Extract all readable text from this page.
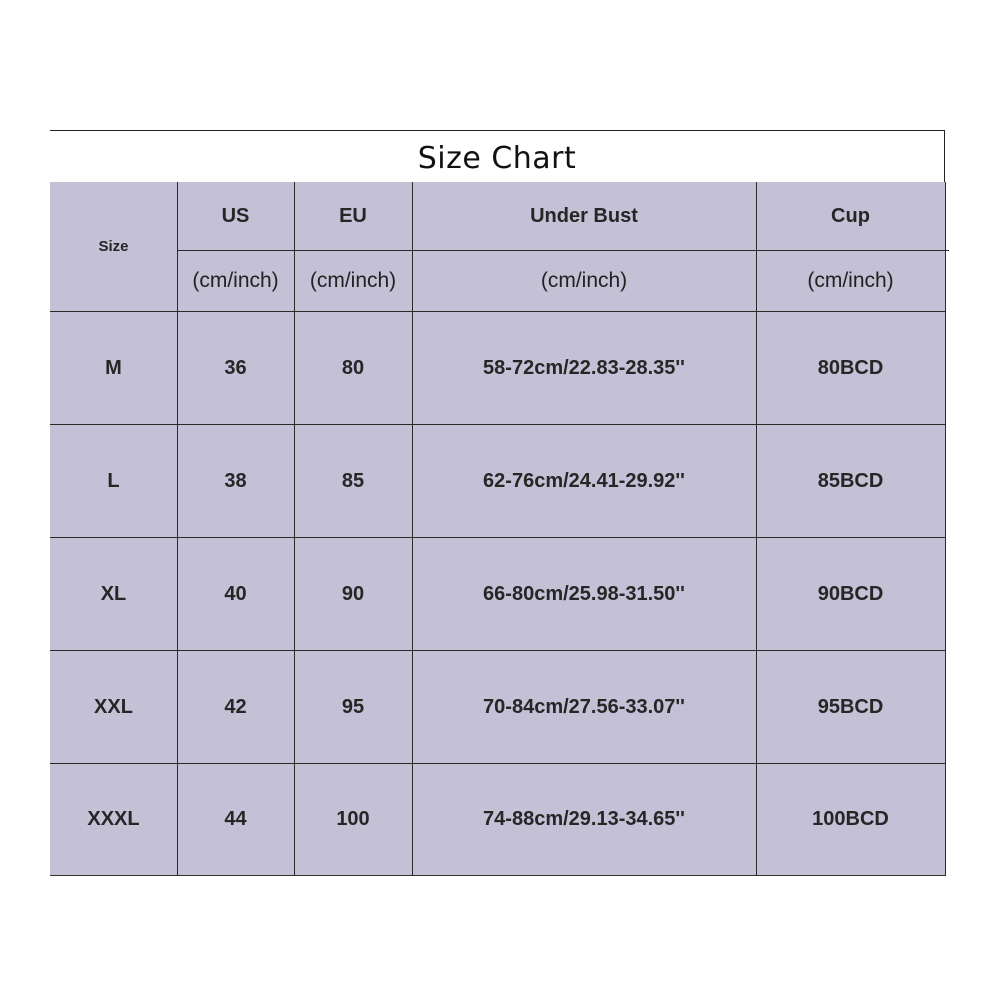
Size Chart
Size
US	EU	Under Bust	Cup
(cm/inch)	(cm/inch)	(cm/inch)	(cm/inch)
M	36	80	58-72cm/22.83-28.35''	80BCD
L	38	85	62-76cm/24.41-29.92''	85BCD
XL	40	90	66-80cm/25.98-31.50''	90BCD
XXL	42	95	70-84cm/27.56-33.07''	95BCD
XXXL	44	100	74-88cm/29.13-34.65''	100BCD
